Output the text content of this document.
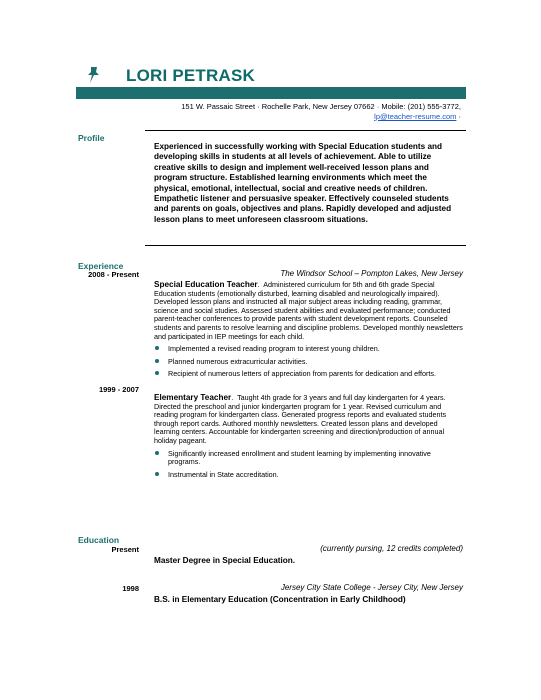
LORI PETRASK
151 W. Passaic Street · Rochelle Park, New Jersey 07662 · Mobile: (201) 555-3772,
lp@teacher-resume.com ·
Profile
Experienced in successfully working with Special Education students and developing skills in students at all levels of achievement. Able to utilize creative skills to design and implement well-received lesson plans and program structure. Established learning environments which meet the physical, emotional, intellectual, social and creative needs of children. Empathetic listener and persuasive speaker. Effectively counseled students and parents on goals, objectives and plans. Rapidly developed and adjusted lesson plans to meet unforeseen classroom situations.
Experience
2008 - Present	The Windsor School – Pompton Lakes, New Jersey
Special Education Teacher.  Administered curriculum for 5th and 6th grade Special Education students (emotionally disturbed, learning disabled and neurologically impaired). Developed lesson plans and instructed all major subject areas including reading, grammar, science and social studies. Assessed student abilities and evaluated performance; conducted parent-teacher conferences to provide parents with student development reports. Counseled students and parents to resolve learning and discipline problems. Developed monthly newsletters and participated in IEP meetings for each child.
Implemented a revised reading program to interest young children.
Planned numerous extracurricular activities.
Recipient of numerous letters of appreciation from parents for dedication and efforts.
1999 - 2007
Elementary Teacher.  Taught 4th grade for 3 years and full day kindergarten for 4 years. Directed the preschool and junior kindergarten program for 1 year. Revised curriculum and reading program for kindergarten class. Generated progress reports and evaluated students through report cards. Authored monthly newsletters. Created lesson plans and developed learning centers. Accountable for kindergarten screening and direction/production of annual holiday pageant.
Significantly increased enrollment and student learning by implementing innovative programs.
Instrumental in State accreditation.
Education
Present	(currently pursing, 12 credits completed)
Master Degree in Special Education.
1998	Jersey City State College - Jersey City, New Jersey
B.S. in Elementary Education (Concentration in Early Childhood)
